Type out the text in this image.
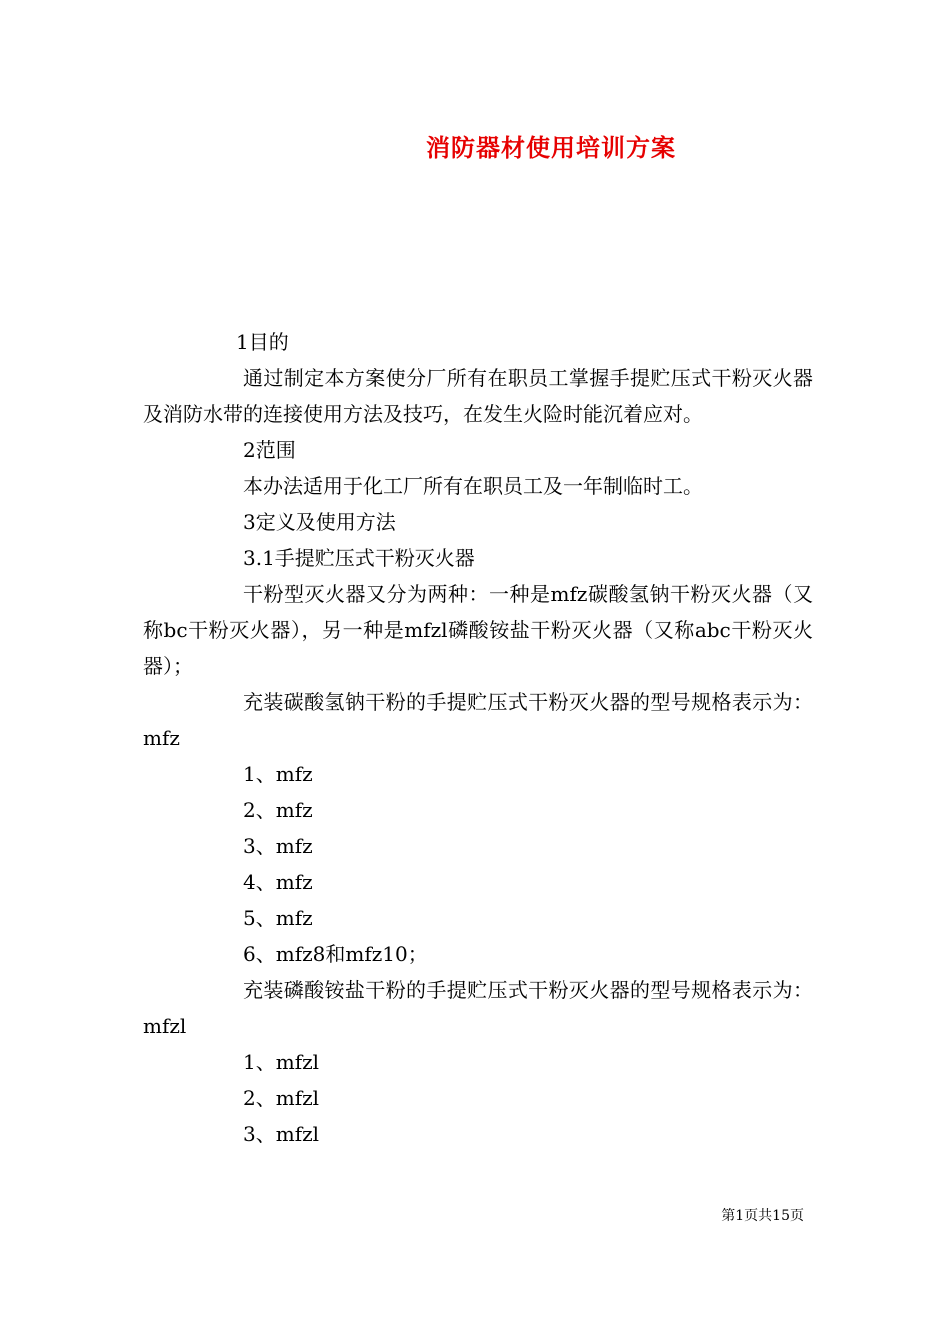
消防器材使用培训方案
1目的
通过制定本方案使分厂所有在职员工掌握手提贮压式干粉灭火器及消防水带的连接使用方法及技巧，在发生火险时能沉着应对。
2范围
本办法适用于化工厂所有在职员工及一年制临时工。
3定义及使用方法
3.1手提贮压式干粉灭火器
干粉型灭火器又分为两种：一种是mfz碳酸氢钠干粉灭火器（又称bc干粉灭火器），另一种是mfzl磷酸铵盐干粉灭火器（又称abc干粉灭火器）；
充装碳酸氢钠干粉的手提贮压式干粉灭火器的型号规格表示为：mfz
1、mfz
2、mfz
3、mfz
4、mfz
5、mfz
6、mfz8和mfz10；
充装磷酸铵盐干粉的手提贮压式干粉灭火器的型号规格表示为：mfzl
1、mfzl
2、mfzl
3、mfzl
第1页共15页
